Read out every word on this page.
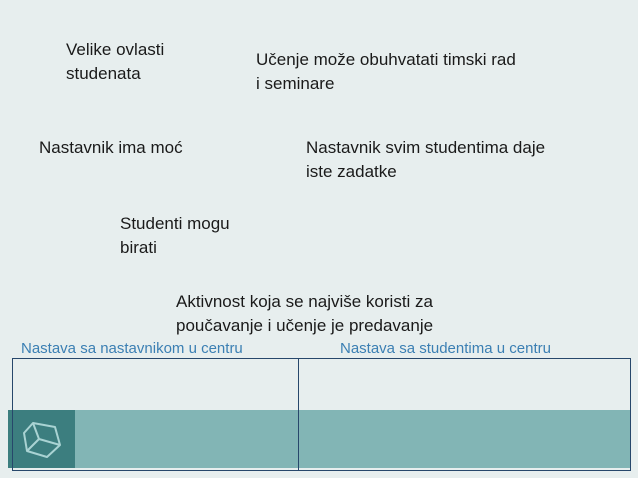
Velike ovlasti
studenata
Učenje može obuhvatati timski rad
i seminare
Nastavnik ima moć	Nastavnik svim studentima daje
iste zadatke
Studenti mogu
birati
Aktivnost koja se najviše koristi za
poučavanje i učenje je predavanje
Nastava sa nastavnikom u centru	Nastava sa studentima u centru
